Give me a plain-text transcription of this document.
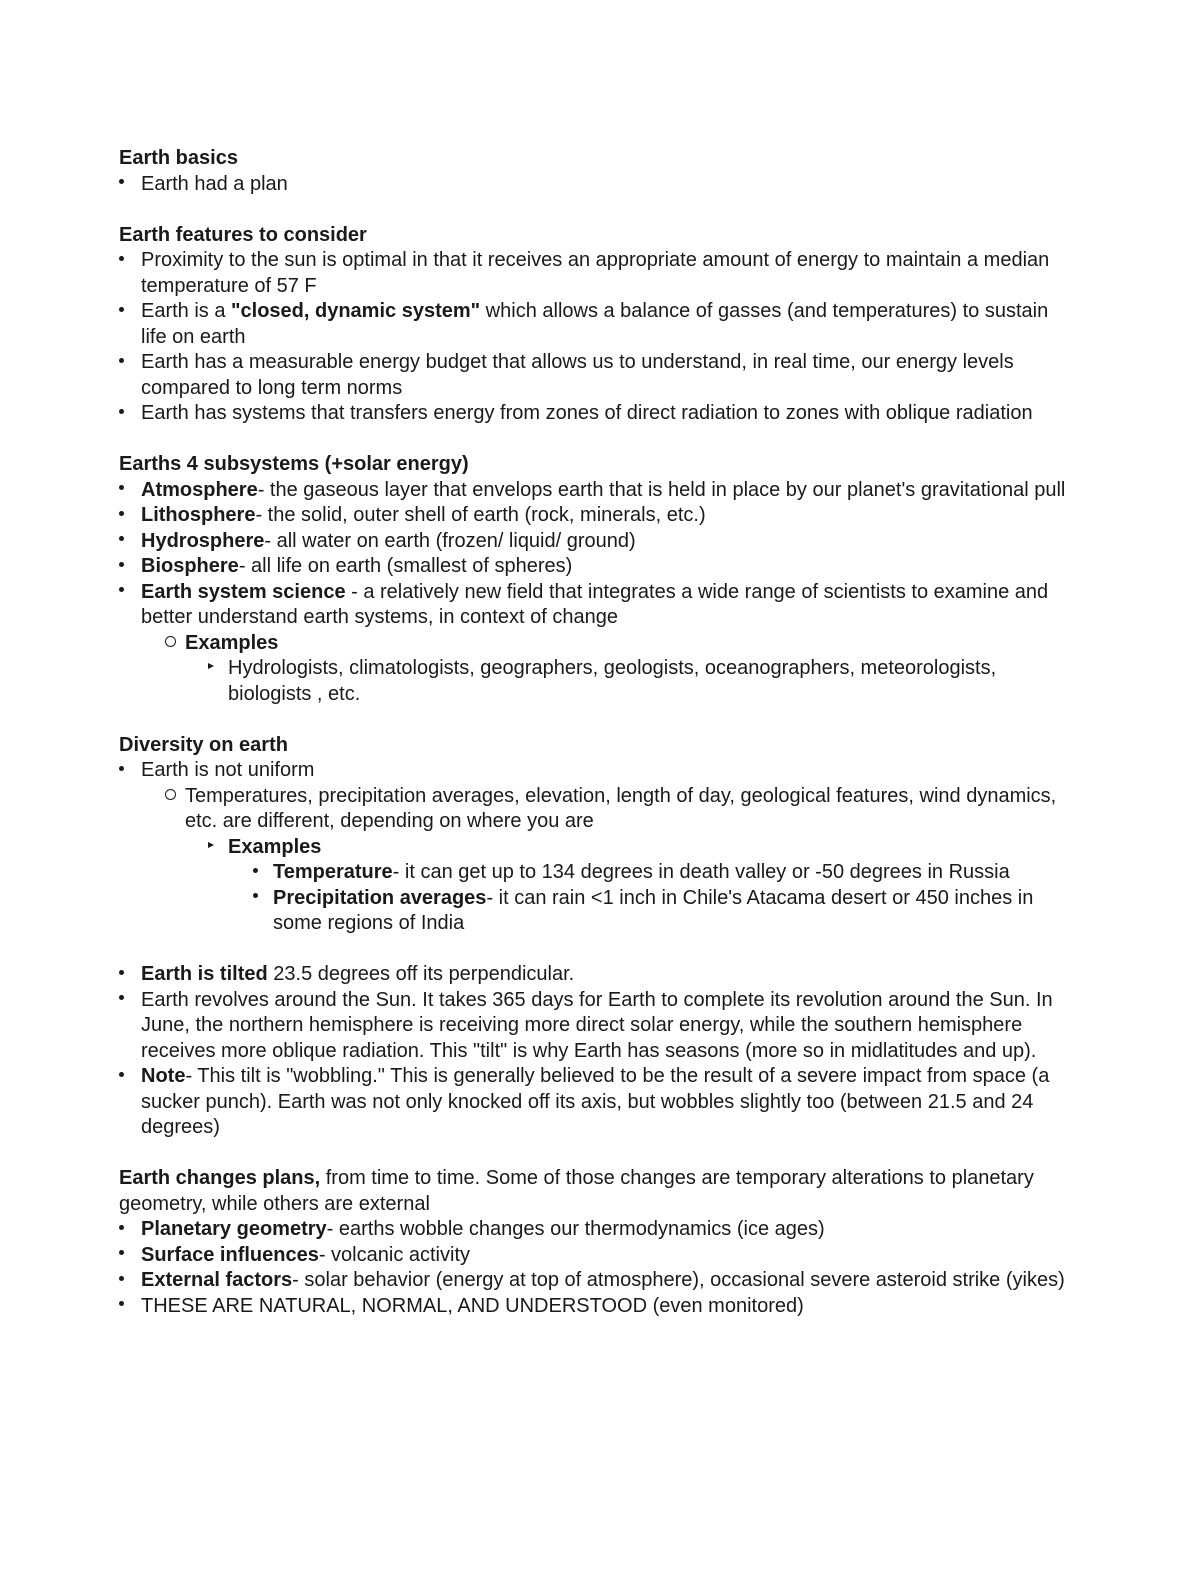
Earth basics
Earth had a plan
Earth features to consider
Proximity to the sun is optimal in that it receives an appropriate amount of energy to maintain a median temperature of 57 F
Earth is a "closed, dynamic system" which allows a balance of gasses (and temperatures) to sustain life on earth
Earth has a measurable energy budget that allows us to understand, in real time, our energy levels compared to long term norms
Earth has systems that transfers energy from zones of direct radiation to zones with oblique radiation
Earths 4 subsystems (+solar energy)
Atmosphere- the gaseous layer that envelops earth that is held in place by our planet's gravitational pull
Lithosphere- the solid, outer shell of earth (rock, minerals, etc.)
Hydrosphere- all water on earth (frozen/ liquid/ ground)
Biosphere- all life on earth (smallest of spheres)
Earth system science - a relatively new field that integrates a wide range of scientists to examine and better understand earth systems, in context of change
Examples
Hydrologists, climatologists, geographers, geologists, oceanographers, meteorologists, biologists , etc.
Diversity on earth
Earth is not uniform
Temperatures, precipitation averages, elevation, length of day, geological features, wind dynamics, etc. are different, depending on where you are
Examples
Temperature- it can get up to 134 degrees in death valley or -50 degrees in Russia
Precipitation averages- it can rain <1 inch in Chile's Atacama desert or 450 inches in some regions of India
Earth is tilted 23.5 degrees off its perpendicular.
Earth revolves around the Sun. It takes 365 days for Earth to complete its revolution around the Sun. In June, the northern hemisphere is receiving more direct solar energy, while the southern hemisphere receives more oblique radiation. This "tilt" is why Earth has seasons (more so in midlatitudes and up).
Note- This tilt is "wobbling." This is generally believed to be the result of a severe impact from space (a sucker punch). Earth was not only knocked off its axis, but wobbles slightly too (between 21.5 and 24 degrees)
Earth changes plans, from time to time. Some of those changes are temporary alterations to planetary geometry, while others are external
Planetary geometry- earths wobble changes our thermodynamics (ice ages)
Surface influences- volcanic activity
External factors- solar behavior (energy at top of atmosphere), occasional severe asteroid strike (yikes)
THESE ARE NATURAL, NORMAL, AND UNDERSTOOD (even monitored)
